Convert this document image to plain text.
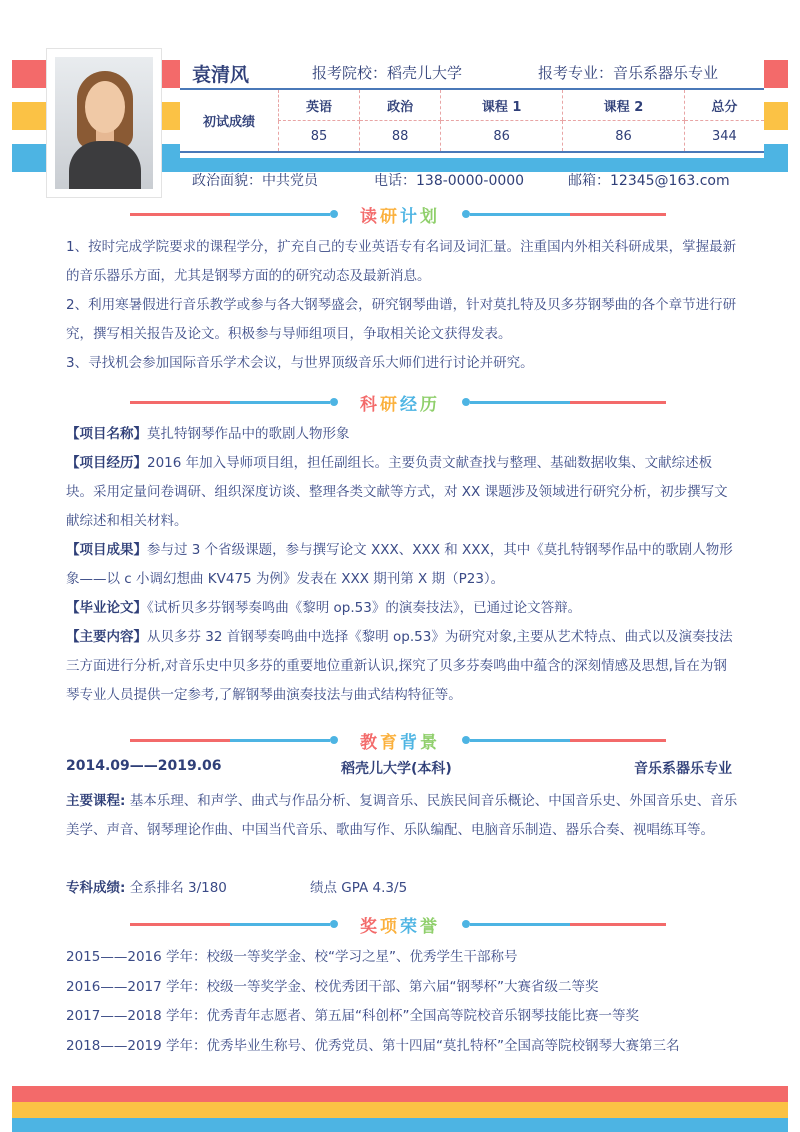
袁清风	报考院校：稻壳儿大学	报考专业：音乐系器乐专业
初试成绩	英语	政治	课程 1	课程 2	总分
	85	88	86	86	344
政治面貌：中共党员	电话：138-0000-0000	邮箱：12345@163.com
读研计划
1、按时完成学院要求的课程学分，扩充自己的专业英语专有名词及词汇量。注重国内外相关科研成果，掌握最新的音乐器乐方面，尤其是钢琴方面的的研究动态及最新消息。
2、利用寒暑假进行音乐教学或参与各大钢琴盛会，研究钢琴曲谱，针对莫扎特及贝多芬钢琴曲的各个章节进行研究，撰写相关报告及论文。积极参与导师组项目，争取相关论文获得发表。
3、寻找机会参加国际音乐学术会议，与世界顶级音乐大师们进行讨论并研究。
科研经历
【项目名称】莫扎特钢琴作品中的歌剧人物形象
【项目经历】2016 年加入导师项目组，担任副组长。主要负责文献查找与整理、基础数据收集、文献综述板块。采用定量问卷调研、组织深度访谈、整理各类文献等方式，对 XX 课题涉及领域进行研究分析，初步撰写文献综述和相关材料。
【项目成果】参与过 3 个省级课题，参与撰写论文 XXX、XXX 和 XXX，其中《莫扎特钢琴作品中的歌剧人物形象——以 c 小调幻想曲 KV475 为例》发表在 XXX 期刊第 X 期（P23）。
【毕业论文】《试析贝多芬钢琴奏鸣曲《黎明 op.53》的演奏技法》，已通过论文答辩。
【主要内容】从贝多芬 32 首钢琴奏鸣曲中选择《黎明 op.53》为研究对象,主要从艺术特点、曲式以及演奏技法三方面进行分析,对音乐史中贝多芬的重要地位重新认识,探究了贝多芬奏鸣曲中蕴含的深刻情感及思想,旨在为钢琴专业人员提供一定参考,了解钢琴曲演奏技法与曲式结构特征等。
教育背景
2014.09——2019.06	稻壳儿大学(本科)	音乐系器乐专业
主要课程: 基本乐理、和声学、曲式与作品分析、复调音乐、民族民间音乐概论、中国音乐史、外国音乐史、音乐美学、声音、钢琴理论作曲、中国当代音乐、歌曲写作、乐队编配、电脑音乐制造、器乐合奏、视唱练耳等。
专科成绩: 全系排名 3/180	绩点 GPA 4.3/5
奖项荣誉
2015——2016 学年：校级一等奖学金、校“学习之星”、优秀学生干部称号
2016——2017 学年：校级一等奖学金、校优秀团干部、第六届“钢琴杯”大赛省级二等奖
2017——2018 学年：优秀青年志愿者、第五届“科创杯”全国高等院校音乐钢琴技能比赛一等奖
2018——2019 学年：优秀毕业生称号、优秀党员、第十四届“莫扎特杯”全国高等院校钢琴大赛第三名
